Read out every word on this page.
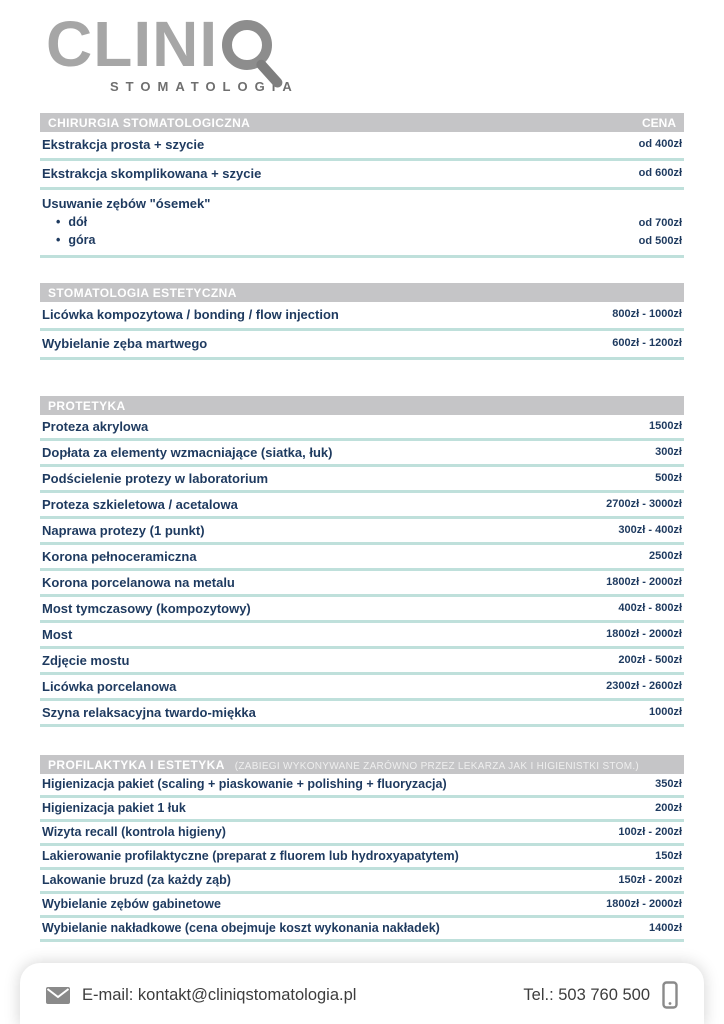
CLINI
STOMATOLOGIA
CHIRURGIA STOMATOLOGICZNA	CENA
Ekstrakcja prosta + szycie	od 400zł
Ekstrakcja skomplikowana + szycie	od 600zł
Usuwanie zębów "ósemek"
• dół	od 700zł
• góra	od 500zł
STOMATOLOGIA ESTETYCZNA
Licówka kompozytowa / bonding / flow injection	800zł - 1000zł
Wybielanie zęba martwego	600zł - 1200zł
PROTETYKA
Proteza akrylowa	1500zł
Dopłata za elementy wzmacniające (siatka, łuk)	300zł
Podścielenie protezy w laboratorium	500zł
Proteza szkieletowa / acetalowa	2700zł - 3000zł
Naprawa protezy (1 punkt)	300zł - 400zł
Korona pełnoceramiczna	2500zł
Korona porcelanowa na metalu	1800zł - 2000zł
Most tymczasowy (kompozytowy)	400zł - 800zł
Most	1800zł - 2000zł
Zdjęcie mostu	200zł - 500zł
Licówka porcelanowa	2300zł - 2600zł
Szyna relaksacyjna twardo-miękka	1000zł
PROFILAKTYKA I ESTETYKA (ZABIEGI WYKONYWANE ZARÓWNO PRZEZ LEKARZA JAK I HIGIENISTKI STOM.)
Higienizacja pakiet (scaling + piaskowanie + polishing + fluoryzacja)	350zł
Higienizacja pakiet 1 łuk	200zł
Wizyta recall (kontrola higieny)	100zł - 200zł
Lakierowanie profilaktyczne (preparat z fluorem lub hydroxyapatytem)	150zł
Lakowanie bruzd (za każdy ząb)	150zł - 200zł
Wybielanie zębów gabinetowe	1800zł - 2000zł
Wybielanie nakładkowe (cena obejmuje koszt wykonania nakładek)	1400zł
E-mail: kontakt@cliniqstomatologia.pl	Tel.: 503 760 500
